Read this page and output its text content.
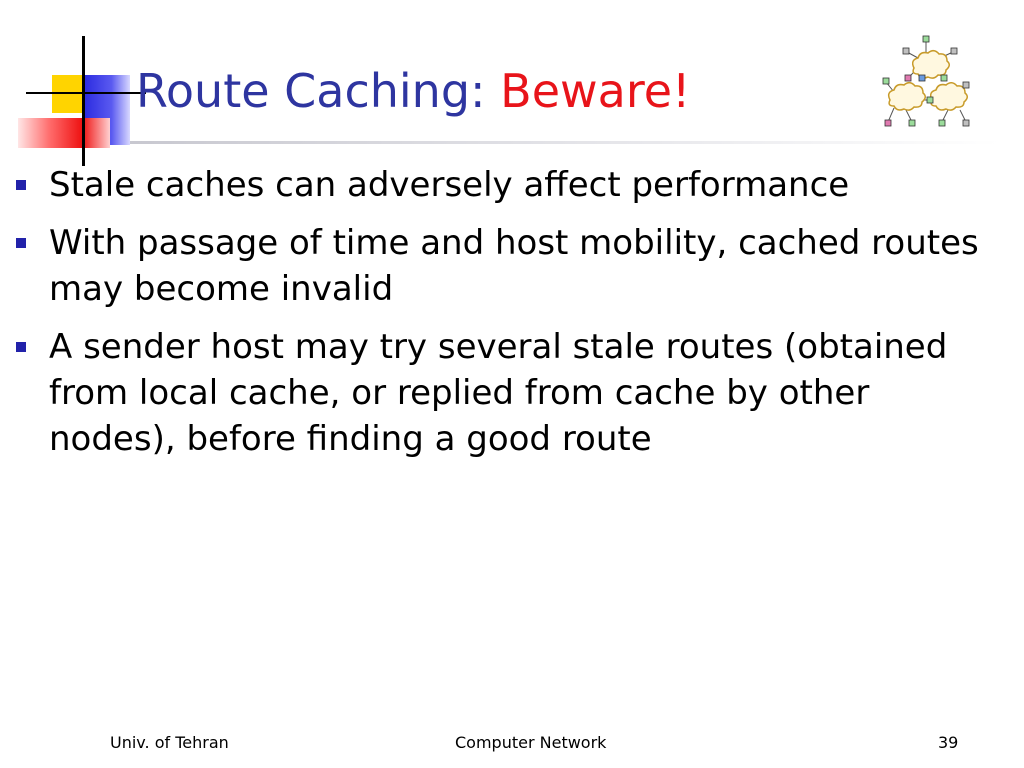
Route Caching: Beware!
Stale caches can adversely affect performance
With passage of time and host mobility, cached routes may become invalid
A sender host may try several stale routes (obtained from local cache, or replied from cache by other nodes), before finding a good route
Univ. of Tehran	Computer Network	39
